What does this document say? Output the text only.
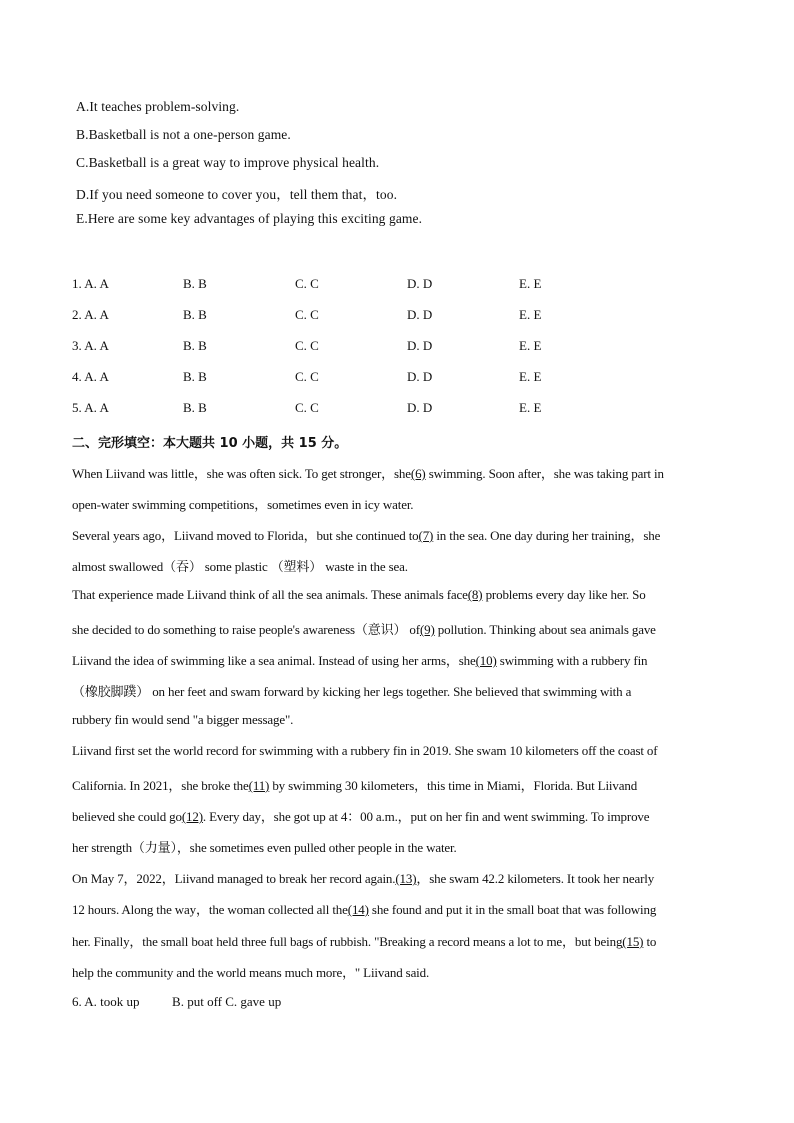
A.It teaches problem-solving.
B.Basketball is not a one-person game.
C.Basketball is a great way to improve physical health.
D.If you need someone to cover you，tell them that，too.
E.Here are some key advantages of playing this exciting game.
1. A. A	B. B	C. C	D. D	E. E
2. A. A	B. B	C. C	D. D	E. E
3. A. A	B. B	C. C	D. D	E. E
4. A. A	B. B	C. C	D. D	E. E
5. A. A	B. B	C. C	D. D	E. E
二、完形填空：本大题共 10 小题，共 15 分。
When Liivand was little，she was often sick. To get stronger，she(6) swimming. Soon after，she was taking part in
open-water swimming competitions，sometimes even in icy water.
Several years ago，Liivand moved to Florida，but she continued to(7) in the sea. One day during her training，she
almost swallowed（吞） some plastic （塑料） waste in the sea.
That experience made Liivand think of all the sea animals. These animals face(8) problems every day like her. So
she decided to do something to raise people's awareness（意识） of(9) pollution. Thinking about sea animals gave
Liivand the idea of swimming like a sea animal. Instead of using her arms，she(10) swimming with a rubbery fin
（橡胶脚蹼） on her feet and swam forward by kicking her legs together. She believed that swimming with a
rubbery fin would send "a bigger message".
Liivand first set the world record for swimming with a rubbery fin in 2019. She swam 10 kilometers off the coast of
California. In 2021，she broke the(11) by swimming 30 kilometers，this time in Miami，Florida. But Liivand
believed she could go(12). Every day，she got up at 4：00 a.m.，put on her fin and went swimming. To improve
her strength（力量），she sometimes even pulled other people in the water.
On May 7，2022，Liivand managed to break her record again.(13)，she swam 42.2 kilometers. It took her nearly
12 hours. Along the way，the woman collected all the(14) she found and put it in the small boat that was following
her. Finally，the small boat held three full bags of rubbish. "Breaking a record means a lot to me，but being(15) to
help the community and the world means much more，" Liivand said.
6. A. took up          B. put off C. gave up
